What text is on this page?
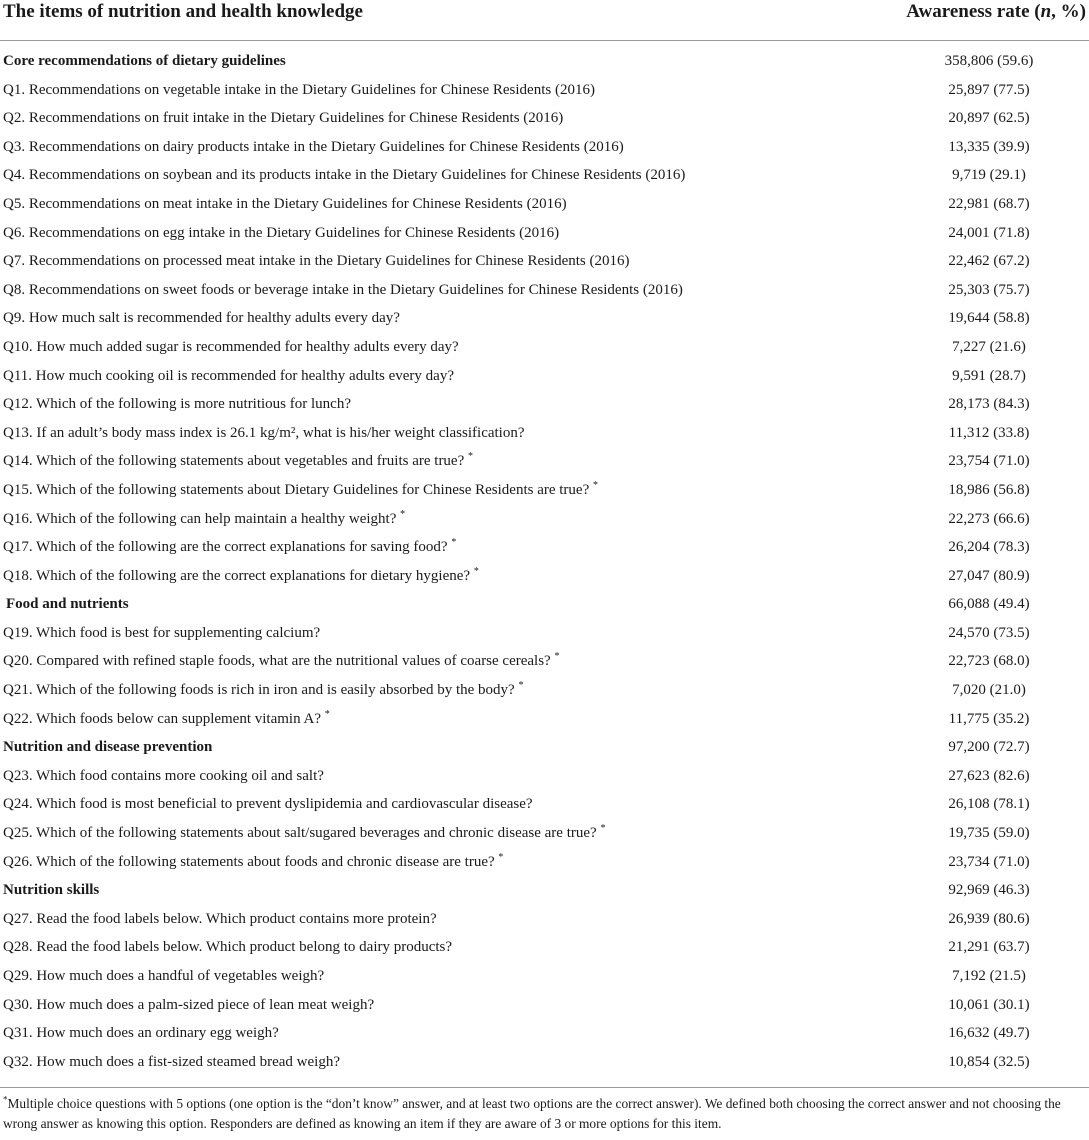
The items of nutrition and health knowledge	Awareness rate (n, %)
Core recommendations of dietary guidelines	358,806 (59.6)
Q1. Recommendations on vegetable intake in the Dietary Guidelines for Chinese Residents (2016)	25,897 (77.5)
Q2. Recommendations on fruit intake in the Dietary Guidelines for Chinese Residents (2016)	20,897 (62.5)
Q3. Recommendations on dairy products intake in the Dietary Guidelines for Chinese Residents (2016)	13,335 (39.9)
Q4. Recommendations on soybean and its products intake in the Dietary Guidelines for Chinese Residents (2016)	9,719 (29.1)
Q5. Recommendations on meat intake in the Dietary Guidelines for Chinese Residents (2016)	22,981 (68.7)
Q6. Recommendations on egg intake in the Dietary Guidelines for Chinese Residents (2016)	24,001 (71.8)
Q7. Recommendations on processed meat intake in the Dietary Guidelines for Chinese Residents (2016)	22,462 (67.2)
Q8. Recommendations on sweet foods or beverage intake in the Dietary Guidelines for Chinese Residents (2016)	25,303 (75.7)
Q9. How much salt is recommended for healthy adults every day?	19,644 (58.8)
Q10. How much added sugar is recommended for healthy adults every day?	7,227 (21.6)
Q11. How much cooking oil is recommended for healthy adults every day?	9,591 (28.7)
Q12. Which of the following is more nutritious for lunch?	28,173 (84.3)
Q13. If an adult’s body mass index is 26.1 kg/m², what is his/her weight classification?	11,312 (33.8)
Q14. Which of the following statements about vegetables and fruits are true? *	23,754 (71.0)
Q15. Which of the following statements about Dietary Guidelines for Chinese Residents are true? *	18,986 (56.8)
Q16. Which of the following can help maintain a healthy weight? *	22,273 (66.6)
Q17. Which of the following are the correct explanations for saving food? *	26,204 (78.3)
Q18. Which of the following are the correct explanations for dietary hygiene? *	27,047 (80.9)
Food and nutrients	66,088 (49.4)
Q19. Which food is best for supplementing calcium?	24,570 (73.5)
Q20. Compared with refined staple foods, what are the nutritional values of coarse cereals? *	22,723 (68.0)
Q21. Which of the following foods is rich in iron and is easily absorbed by the body? *	7,020 (21.0)
Q22. Which foods below can supplement vitamin A? *	11,775 (35.2)
Nutrition and disease prevention	97,200 (72.7)
Q23. Which food contains more cooking oil and salt?	27,623 (82.6)
Q24. Which food is most beneficial to prevent dyslipidemia and cardiovascular disease?	26,108 (78.1)
Q25. Which of the following statements about salt/sugared beverages and chronic disease are true? *	19,735 (59.0)
Q26. Which of the following statements about foods and chronic disease are true? *	23,734 (71.0)
Nutrition skills	92,969 (46.3)
Q27. Read the food labels below. Which product contains more protein?	26,939 (80.6)
Q28. Read the food labels below. Which product belong to dairy products?	21,291 (63.7)
Q29. How much does a handful of vegetables weigh?	7,192 (21.5)
Q30. How much does a palm-sized piece of lean meat weigh?	10,061 (30.1)
Q31. How much does an ordinary egg weigh?	16,632 (49.7)
Q32. How much does a fist-sized steamed bread weigh?	10,854 (32.5)
*Multiple choice questions with 5 options (one option is the “don’t know” answer, and at least two options are the correct answer). We defined both choosing the correct answer and not choosing the wrong answer as knowing this option. Responders are defined as knowing an item if they are aware of 3 or more options for this item.
